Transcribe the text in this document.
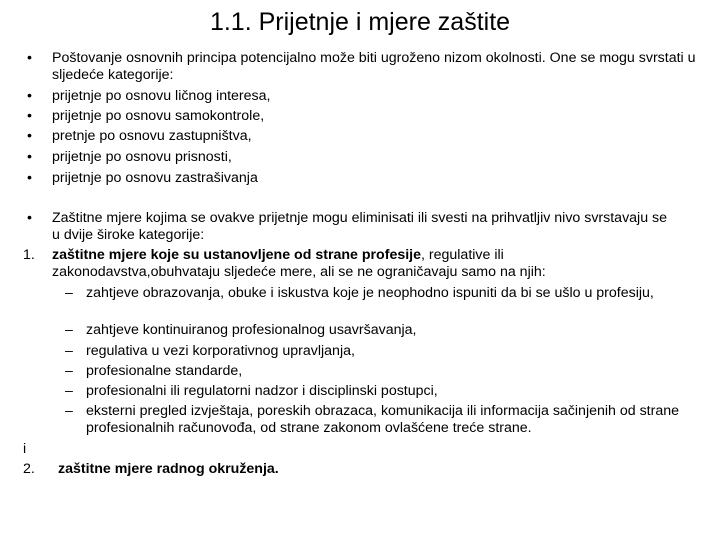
1.1. Prijetnje i mjere zaštite
• Poštovanje osnovnih principa potencijalno može biti ugroženo nizom okolnosti. One se mogu svrstati u sljedeće kategorije:
• prijetnje po osnovu ličnog interesa,
• prijetnje po osnovu samokontrole,
• pretnje po osnovu zastupništva,
• prijetnje po osnovu prisnosti,
• prijetnje po osnovu zastrašivanja
• Zaštitne mjere kojima se ovakve prijetnje mogu eliminisati ili svesti na prihvatljiv nivo svrstavaju se u dvije široke kategorije:
1. zaštitne mjere koje su ustanovljene od strane profesije, regulative ili zakonodavstva,obuhvataju sljedeće mere, ali se ne ograničavaju samo na njih:
– zahtjeve obrazovanja, obuke i iskustva koje je neophodno ispuniti da bi se ušlo u profesiju,
– zahtjeve kontinuiranog profesionalnog usavršavanja,
– regulativa u vezi korporativnog upravljanja,
– profesionalne standarde,
– profesionalni ili regulatorni nadzor i disciplinski postupci,
– eksterni pregled izvještaja, poreskih obrazaca, komunikacija ili informacija sačinjenih od strane profesionalnih računovođa, od strane zakonom ovlašćene treće strane.
i
2. zaštitne mjere radnog okruženja.
